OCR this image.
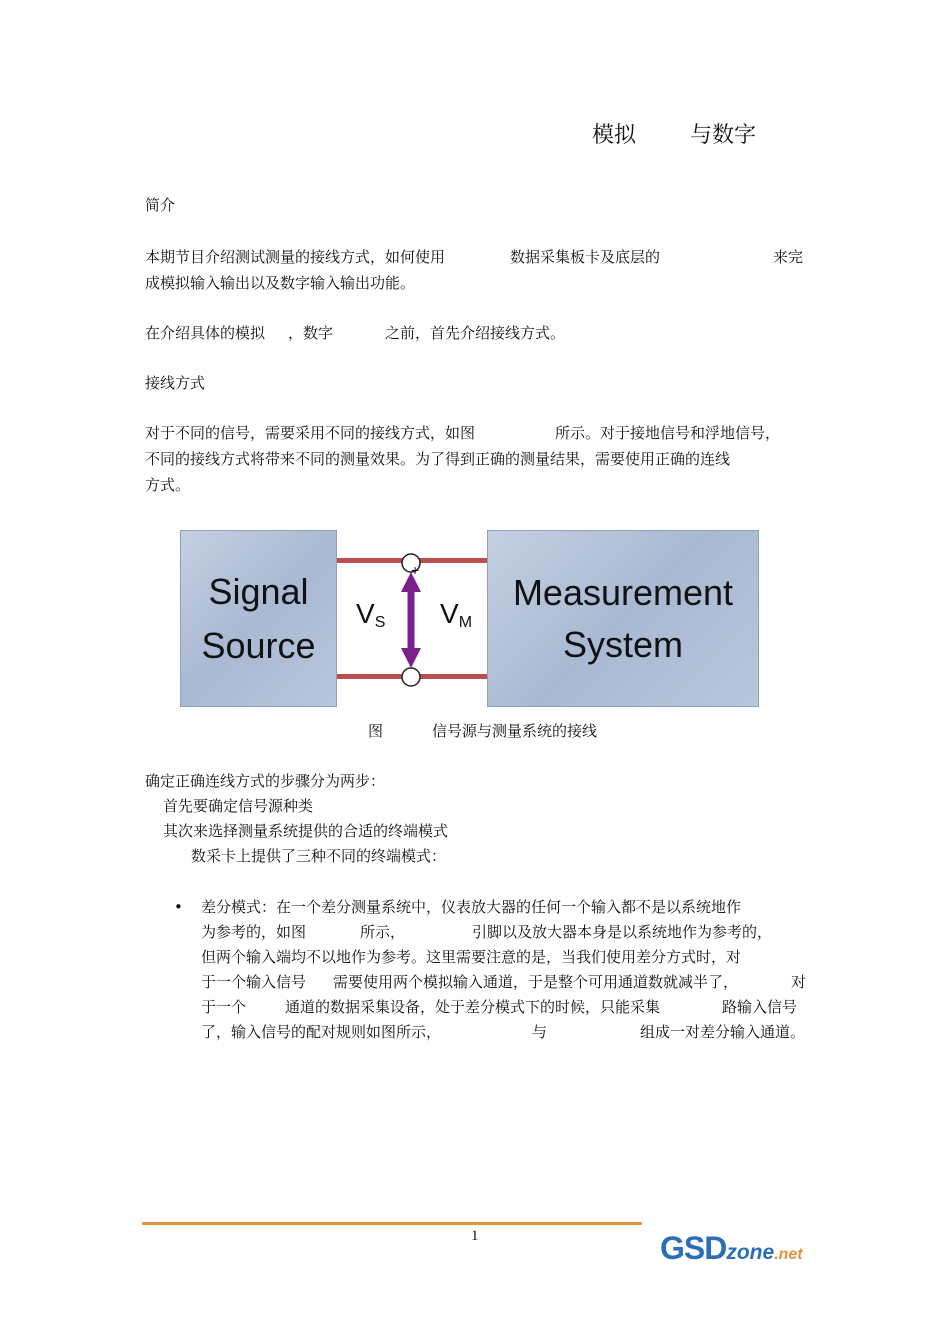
模拟 与数字
简介
本期节目介绍测试测量的接线方式，如何使用	数据采集板卡及底层的	来完
成模拟输入输出以及数字输入输出功能。
在介绍具体的模拟 ，数字	之前，首先介绍接线方式。
接线方式
对于不同的信号，需要采用不同的接线方式，如图	所示。对于接地信号和浮地信号，
不同的接线方式将带来不同的测量效果。为了得到正确的测量结果，需要使用正确的连线
方式。
Signal
Source
Measurement
System
+
$V_S$ $V_M$
图	信号源与测量系统的接线
确定正确连线方式的步骤分为两步：
首先要确定信号源种类
其次来选择测量系统提供的合适的终端模式
数采卡上提供了三种不同的终端模式：
• 差分模式：在一个差分测量系统中，仪表放大器的任何一个输入都不是以系统地作
为参考的，如图	所示，	引脚以及放大器本身是以系统地作为参考的，
但两个输入端均不以地作为参考。这里需要注意的是，当我们使用差分方式时，对
于一个输入信号 需要使用两个模拟输入通道，于是整个可用通道数就减半了，	对
于一个	通道的数据采集设备，处于差分模式下的时候，只能采集	路输入信号
了，输入信号的配对规则如图所示，	与	组成一对差分输入通道。
1	GSDzone.net
